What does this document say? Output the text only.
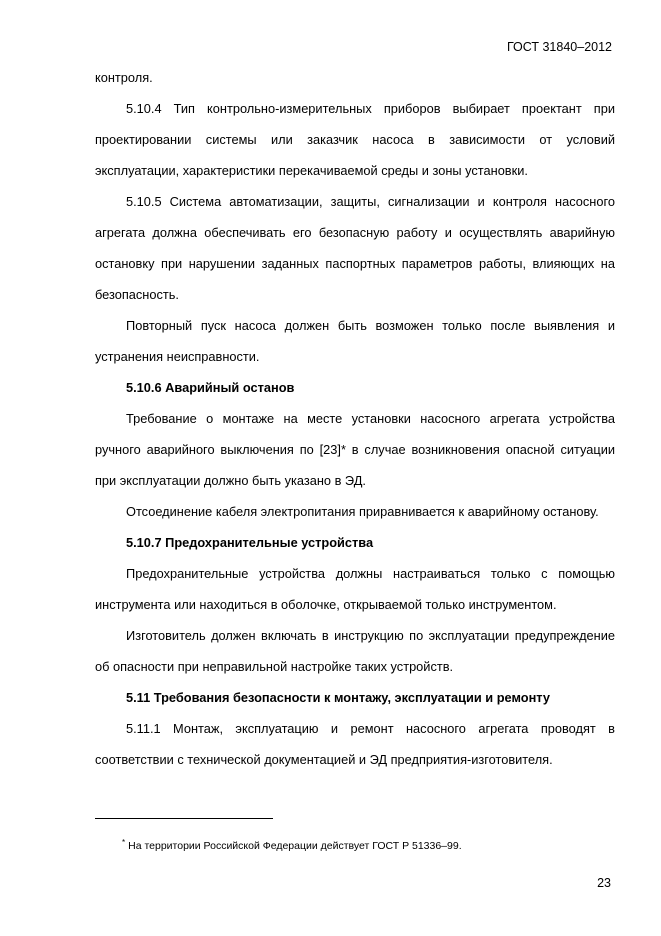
ГОСТ 31840–2012

контроля.

5.10.4 Тип контрольно-измерительных приборов выбирает проектант при проектировании системы или заказчик насоса в зависимости от условий эксплуатации, характеристики перекачиваемой среды и зоны установки.

5.10.5 Система автоматизации, защиты, сигнализации и контроля насосного агрегата должна обеспечивать его безопасную работу и осуществлять аварийную остановку при нарушении заданных паспортных параметров работы, влияющих на безопасность.

Повторный пуск насоса должен быть возможен только после выявления и устранения неисправности.

5.10.6 Аварийный останов

Требование о монтаже на месте установки насосного агрегата устройства ручного аварийного выключения по [23]* в случае возникновения опасной ситуации при эксплуатации должно быть указано в ЭД.

Отсоединение кабеля электропитания приравнивается к аварийному останову.

5.10.7 Предохранительные устройства

Предохранительные устройства должны настраиваться только с помощью инструмента или находиться в оболочке, открываемой только инструментом.

Изготовитель должен включать в инструкцию по эксплуатации предупреждение об опасности при неправильной настройке таких устройств.

5.11 Требования безопасности к монтажу, эксплуатации и ремонту

5.11.1 Монтаж, эксплуатацию и ремонт насосного агрегата проводят в соответствии с технической документацией и ЭД предприятия-изготовителя.

* На территории Российской Федерации действует ГОСТ Р 51336–99.
23
